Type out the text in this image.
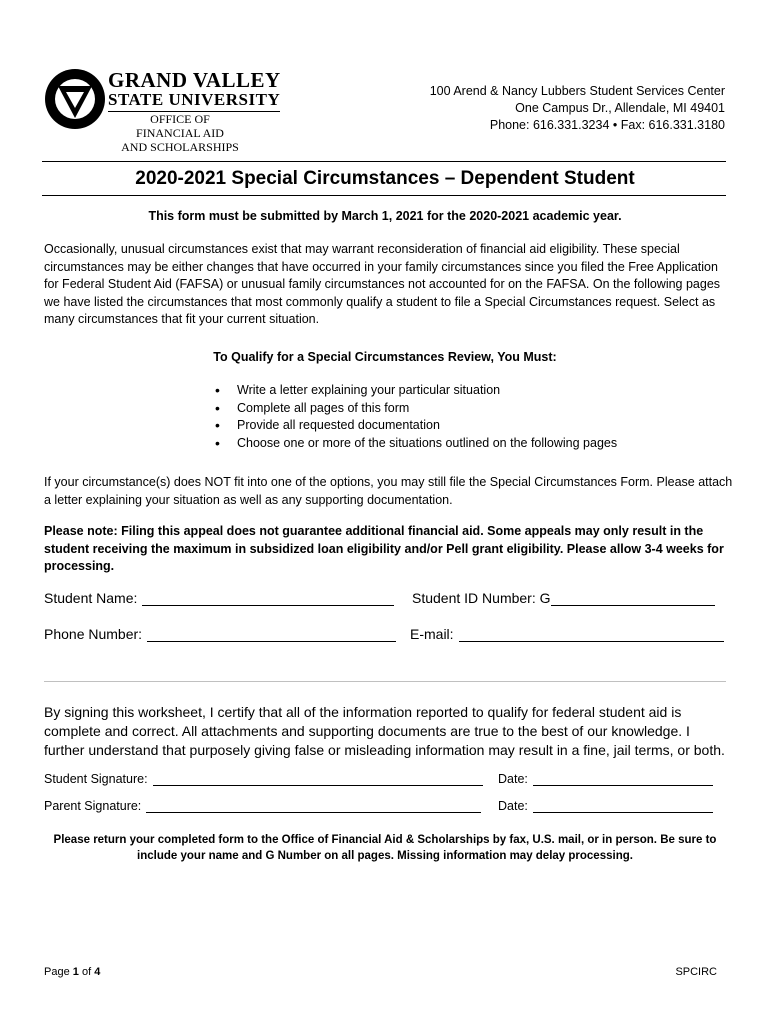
GRAND VALLEY
STATE UNIVERSITY
OFFICE OF
FINANCIAL AID
AND SCHOLARSHIPS
100 Arend & Nancy Lubbers Student Services Center
One Campus Dr., Allendale, MI 49401
Phone: 616.331.3234 • Fax: 616.331.3180
2020-2021 Special Circumstances – Dependent Student
This form must be submitted by March 1, 2021 for the 2020-2021 academic year.
Occasionally, unusual circumstances exist that may warrant reconsideration of financial aid eligibility. These special circumstances may be either changes that have occurred in your family circumstances since you filed the Free Application for Federal Student Aid (FAFSA) or unusual family circumstances not accounted for on the FAFSA. On the following pages we have listed the circumstances that most commonly qualify a student to file a Special Circumstances request. Select as many circumstances that fit your current situation.
To Qualify for a Special Circumstances Review, You Must:
• Write a letter explaining your particular situation
• Complete all pages of this form
• Provide all requested documentation
• Choose one or more of the situations outlined on the following pages
If your circumstance(s) does NOT fit into one of the options, you may still file the Special Circumstances Form. Please attach a letter explaining your situation as well as any supporting documentation.
Please note: Filing this appeal does not guarantee additional financial aid. Some appeals may only result in the student receiving the maximum in subsidized loan eligibility and/or Pell grant eligibility. Please allow 3-4 weeks for processing.
Student Name:	Student ID Number: G
Phone Number:	E-mail:
By signing this worksheet, I certify that all of the information reported to qualify for federal student aid is complete and correct. All attachments and supporting documents are true to the best of our knowledge. I further understand that purposely giving false or misleading information may result in a fine, jail terms, or both.
Student Signature:	Date:
Parent Signature:	Date:
Please return your completed form to the Office of Financial Aid & Scholarships by fax, U.S. mail, or in person. Be sure to include your name and G Number on all pages. Missing information may delay processing.
Page 1 of 4	SPCIRC
